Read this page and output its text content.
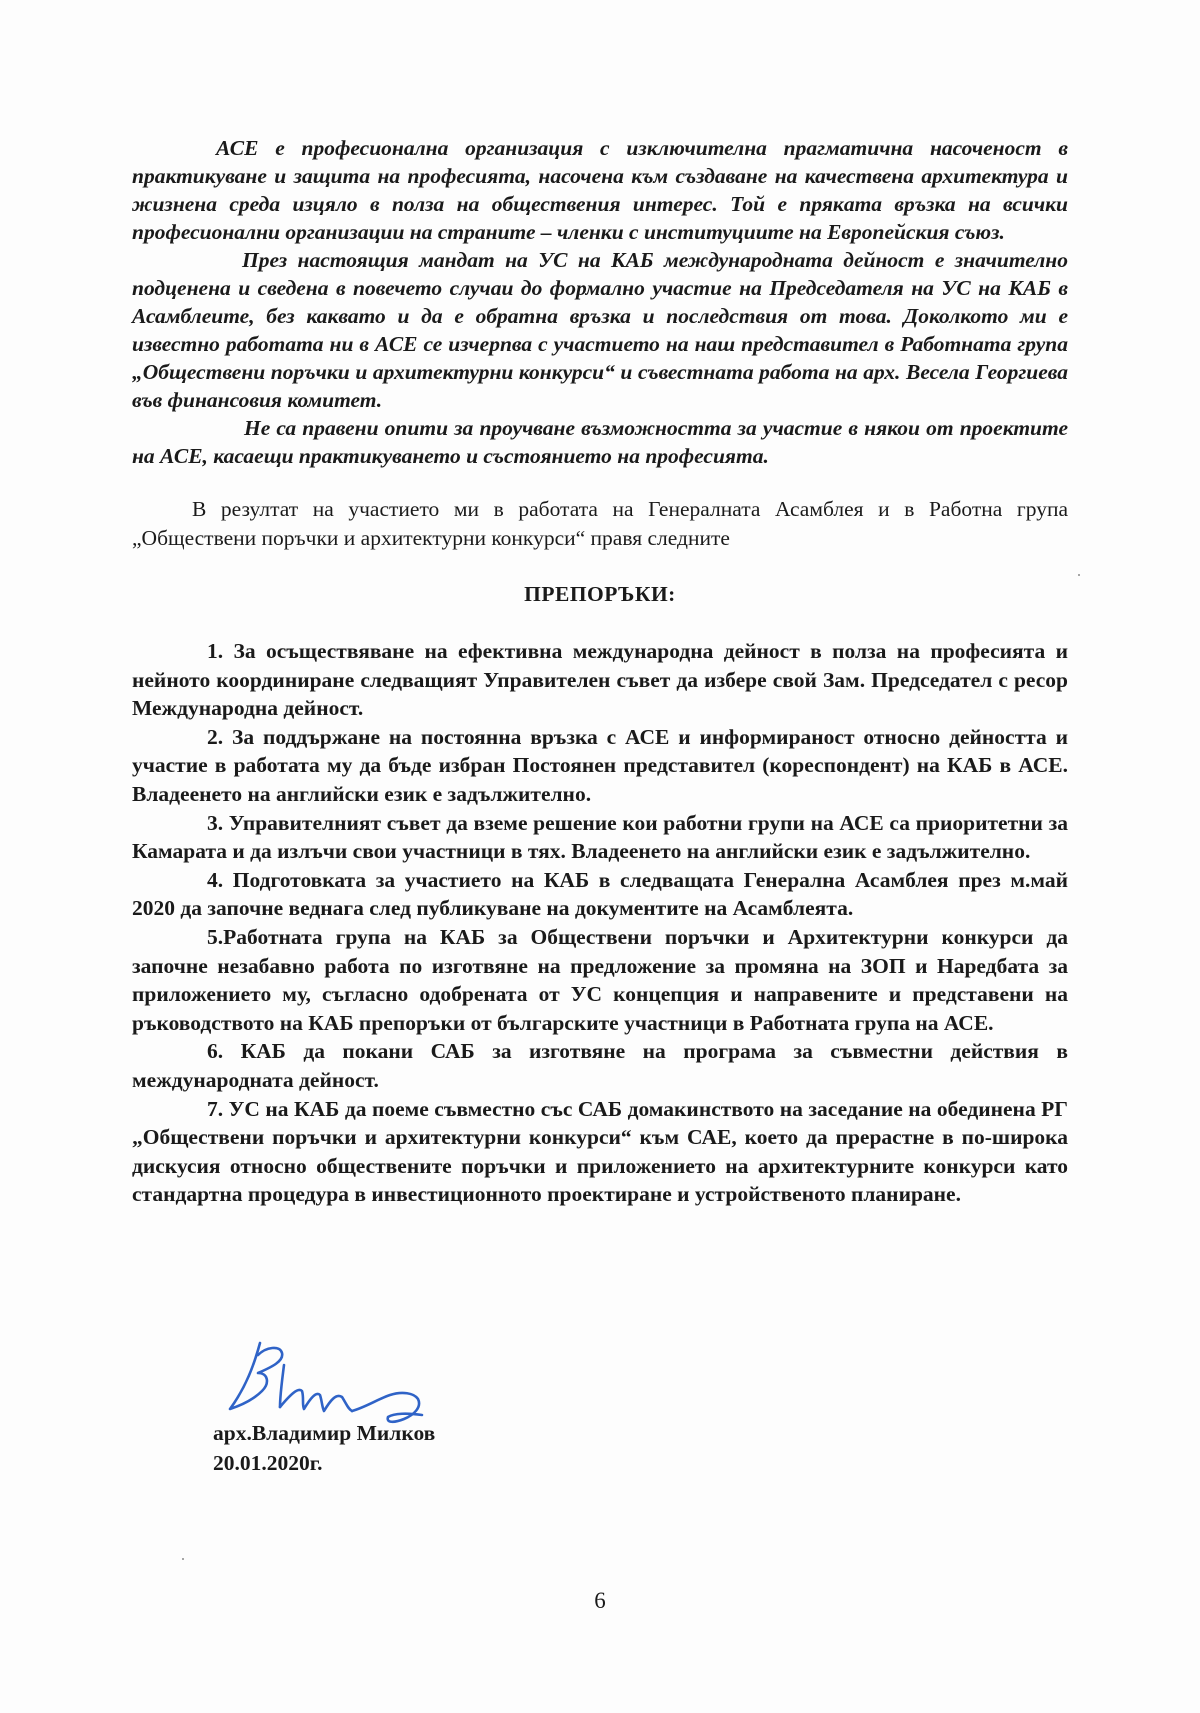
АСЕ е професионална организация с изключителна прагматична насоченост в практикуване и защита на професията, насочена към създаване на качествена архитектура и жизнена среда изцяло в полза на обществения интерес. Той е прякaта връзка на всички професионални организации на страните – членки с институциите на Европейския съюз.

През настоящия мандат на УС на КАБ международната дейност е значително подценена и сведена в повечето случаи до формално участие на Председателя на УС на КАБ в Асамблеите, без каквато и да е обратна връзка и последствия от това. Доколкото ми е известно работата ни в АСЕ се изчерпва с участието на наш представител в Работната група „Обществени поръчки и архитектурни конкурси“ и съвестната работа на арх. Весела Георгиева във финансовия комитет.

Не са правени опити за проучване възможността за участие в някои от проектите на АСЕ, касаещи практикуването и състоянието на професията.

В резултат на участието ми в работата на Генералната Асамблея и в Работна група „Обществени поръчки и архитектурни конкурси“ правя следните

ПРЕПОРЪКИ:

1. За осъществяване на ефективна международна дейност в полза на професията и нейното координиране следващият Управителен съвет да избере свой Зам. Председател с ресор Международна дейност.

2. За поддържане на постоянна връзка с АСЕ и информираност относно дейността и участие в работата му да бъде избран Постоянен представител (кореспондент) на КАБ в АСЕ. Владеенето на английски език е задължително.

3. Управителният съвет да вземе решение кои работни групи на АСЕ са приоритетни за Камарата и да излъчи свои участници в тях. Владеенето на английски език е задължително.

4. Подготовката за участието на КАБ в следващата Генерална Асамблея през м.май 2020 да започне веднага след публикуване на документите на Асамблеята.

5.Работната група на КАБ за Обществени поръчки и Архитектурни конкурси да започне незабавно работа по изготвяне на предложение за промяна на ЗОП и Наредбата за приложението му, съгласно одобрената от УС концепция и направените и представени на ръководството на КАБ препоръки от българските участници в Работната група на АСЕ.

6. КАБ да покани САБ за изготвяне на програма за съвместни действия в международната дейност.

7. УС на КАБ да поеме съвместно със САБ домакинството на заседание на обединена РГ „Обществени поръчки и архитектурни конкурси“ към САЕ, което да прерастне в по-широка дискусия относно обществените поръчки и приложението на архитектурните конкурси като стандартна процедура в инвестиционното проектиране и устройственото планиране.

арх.Владимир Милков
20.01.2020г.
6
